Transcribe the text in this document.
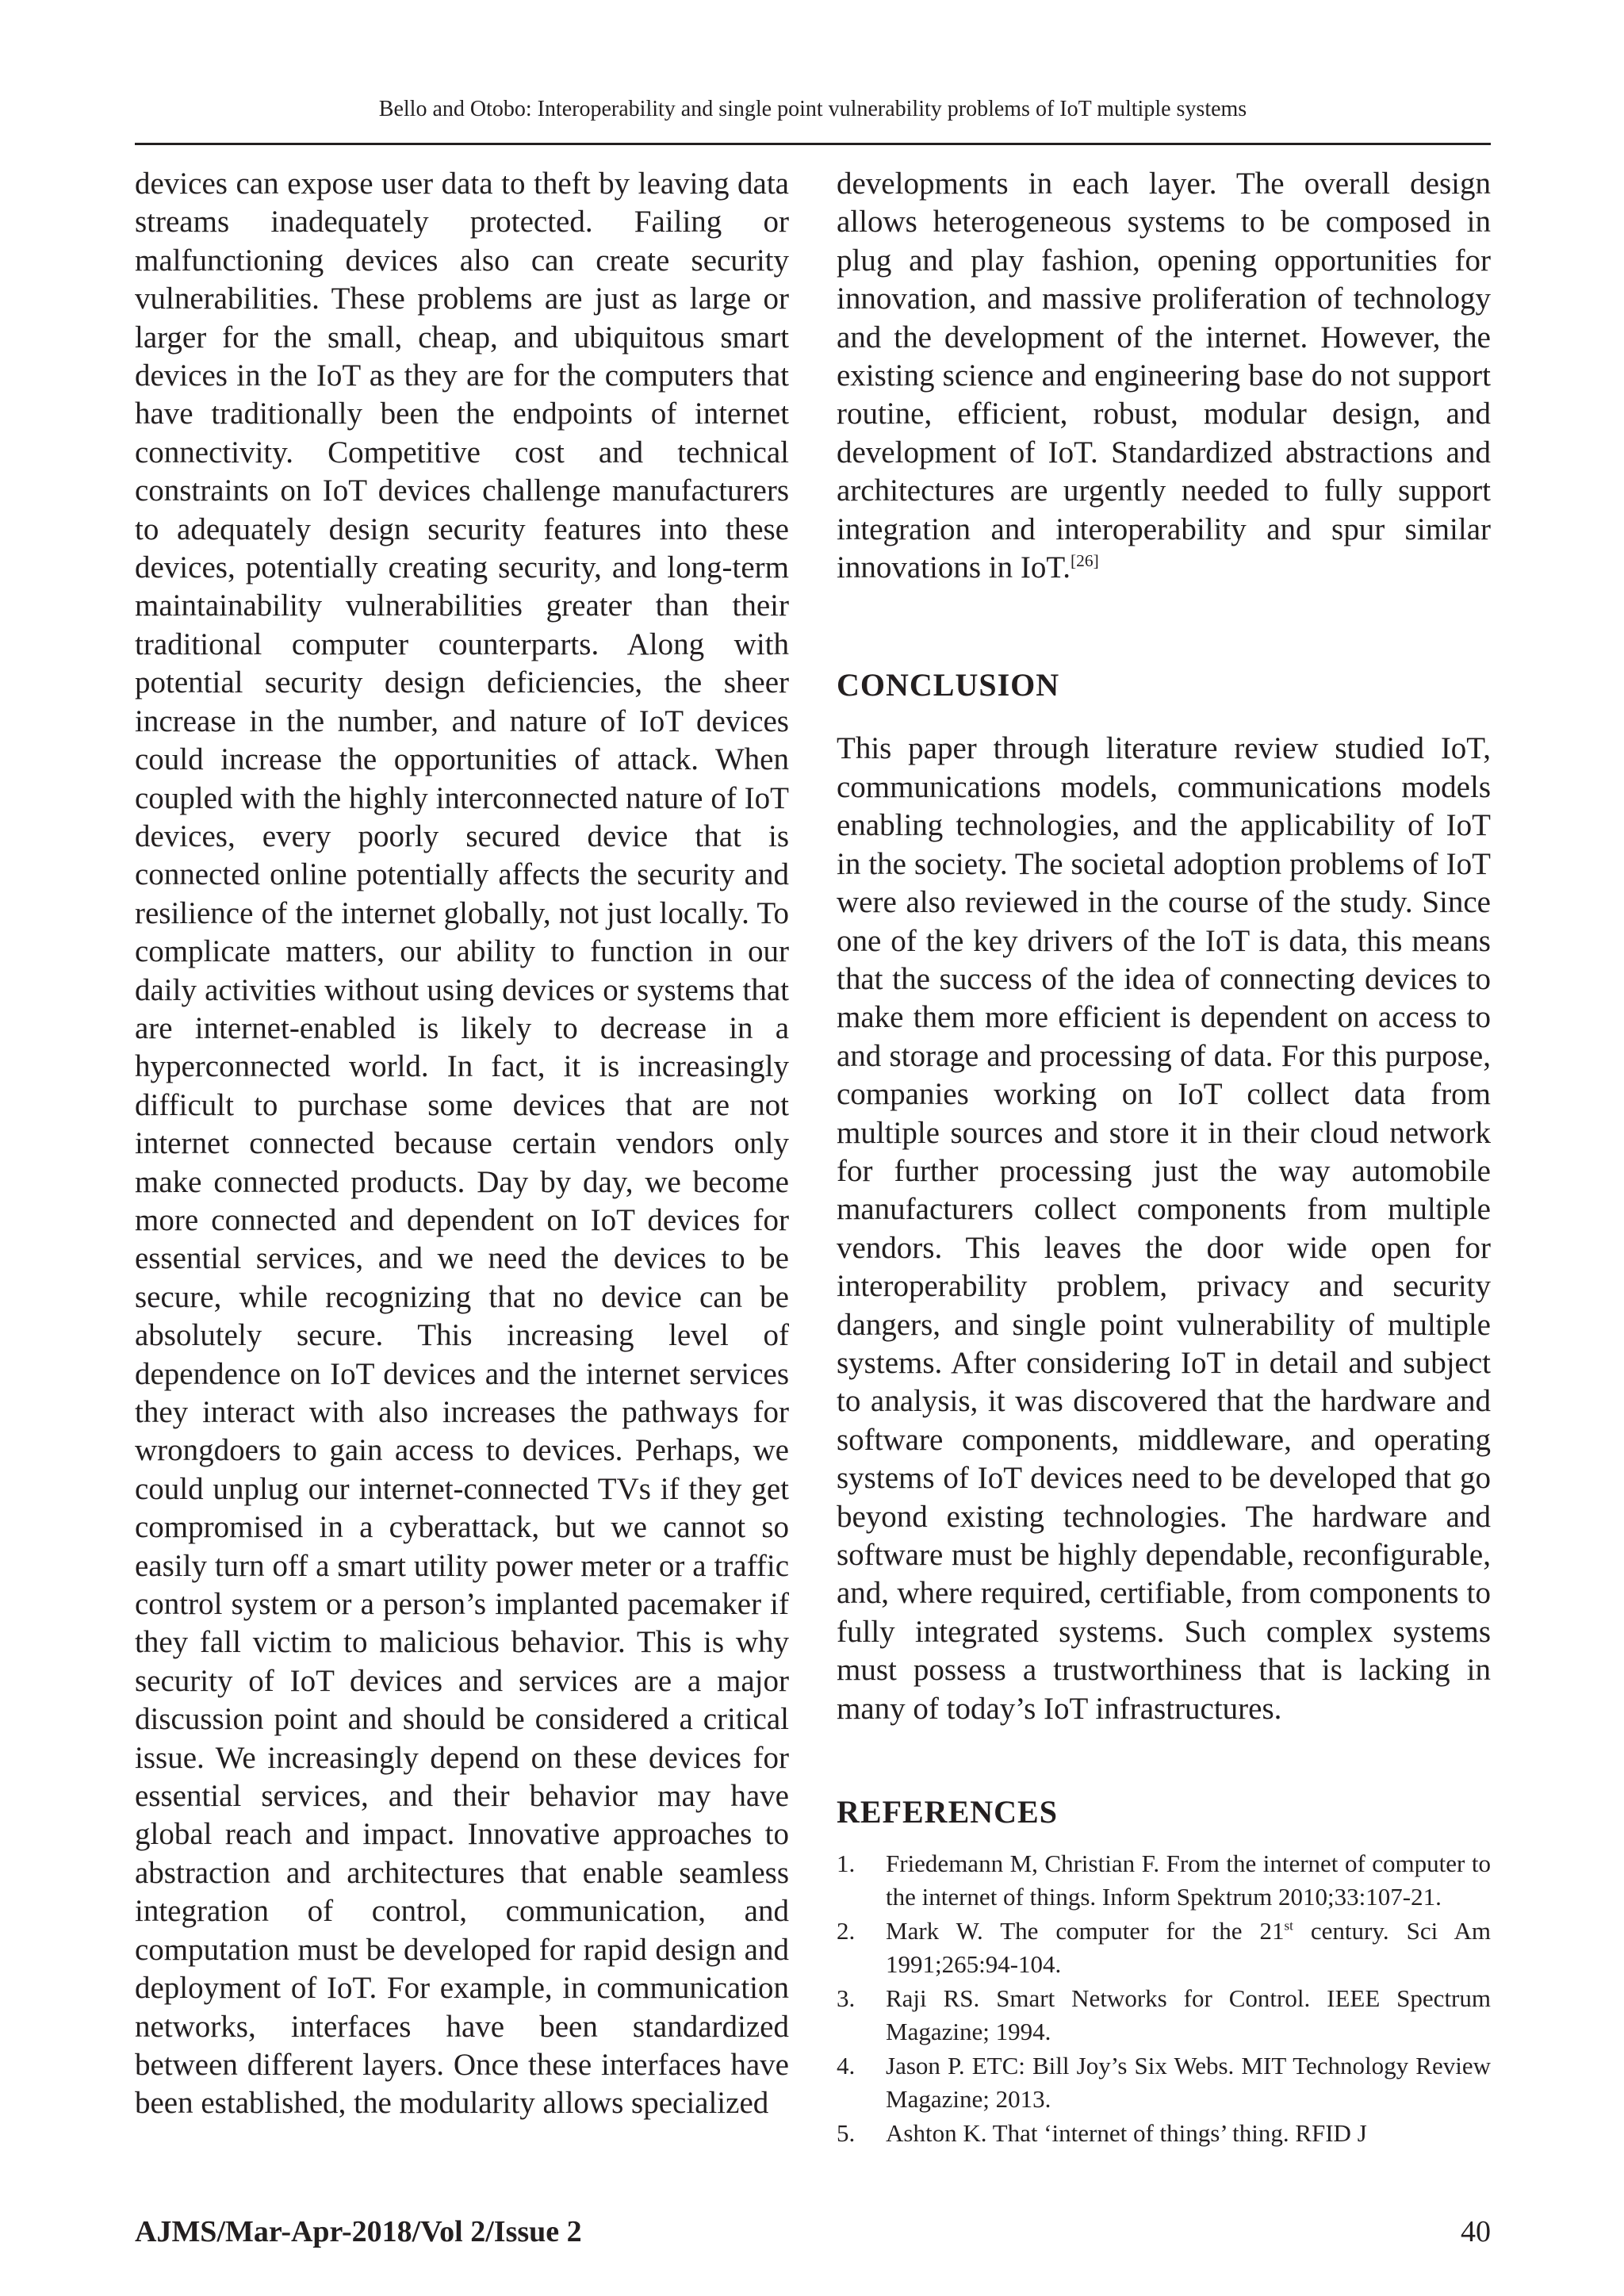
Bello and Otobo: Interoperability and single point vulnerability problems of IoT multiple systems

devices can expose user data to theft by leaving data streams inadequately protected. Failing or malfunctioning devices also can create security vulnerabilities. These problems are just as large or larger for the small, cheap, and ubiquitous smart devices in the IoT as they are for the computers that have traditionally been the endpoints of internet connectivity. Competitive cost and technical constraints on IoT devices challenge manufacturers to adequately design security features into these devices, potentially creating security, and long-term maintainability vulnerabilities greater than their traditional computer counterparts. Along with potential security design deficiencies, the sheer increase in the number, and nature of IoT devices could increase the opportunities of attack. When coupled with the highly interconnected nature of IoT devices, every poorly secured device that is connected online potentially affects the security and resilience of the internet globally, not just locally. To complicate matters, our ability to function in our daily activities without using devices or systems that are internet-enabled is likely to decrease in a hyperconnected world. In fact, it is increasingly difficult to purchase some devices that are not internet connected because certain vendors only make connected products. Day by day, we become more connected and dependent on IoT devices for essential services, and we need the devices to be secure, while recognizing that no device can be absolutely secure. This increasing level of dependence on IoT devices and the internet services they interact with also increases the pathways for wrongdoers to gain access to devices. Perhaps, we could unplug our internet-connected TVs if they get compromised in a cyberattack, but we cannot so easily turn off a smart utility power meter or a traffic control system or a person’s implanted pacemaker if they fall victim to malicious behavior. This is why security of IoT devices and services are a major discussion point and should be considered a critical issue. We increasingly depend on these devices for essential services, and their behavior may have global reach and impact. Innovative approaches to abstraction and architectures that enable seamless integration of control, communication, and computation must be developed for rapid design and deployment of IoT. For example, in communication networks, interfaces have been standardized between different layers. Once these interfaces have been established, the modularity allows specialized

developments in each layer. The overall design allows heterogeneous systems to be composed in plug and play fashion, opening opportunities for innovation, and massive proliferation of technology and the development of the internet. However, the existing science and engineering base do not support routine, efficient, robust, modular design, and development of IoT. Standardized abstractions and architectures are urgently needed to fully support integration and interoperability and spur similar innovations in IoT.[26]

CONCLUSION

This paper through literature review studied IoT, communications models, communications models enabling technologies, and the applicability of IoT in the society. The societal adoption problems of IoT were also reviewed in the course of the study. Since one of the key drivers of the IoT is data, this means that the success of the idea of connecting devices to make them more efficient is dependent on access to and storage and processing of data. For this purpose, companies working on IoT collect data from multiple sources and store it in their cloud network for further processing just the way automobile manufacturers collect components from multiple vendors. This leaves the door wide open for interoperability problem, privacy and security dangers, and single point vulnerability of multiple systems. After considering IoT in detail and subject to analysis, it was discovered that the hardware and software components, middleware, and operating systems of IoT devices need to be developed that go beyond existing technologies. The hardware and software must be highly dependable, reconfigurable, and, where required, certifiable, from components to fully integrated systems. Such complex systems must possess a trustworthiness that is lacking in many of today’s IoT infrastructures.

REFERENCES
1.	Friedemann M, Christian F. From the internet of computer to the internet of things. Inform Spektrum 2010;33:107-21.
2.	Mark W. The computer for the 21st century. Sci Am 1991;265:94-104.
3.	Raji RS. Smart Networks for Control. IEEE Spectrum Magazine; 1994.
4.	Jason P. ETC: Bill Joy’s Six Webs. MIT Technology Review Magazine; 2013.
5.	Ashton K. That ‘internet of things’ thing. RFID J
AJMS/Mar-Apr-2018/Vol 2/Issue 2	40
